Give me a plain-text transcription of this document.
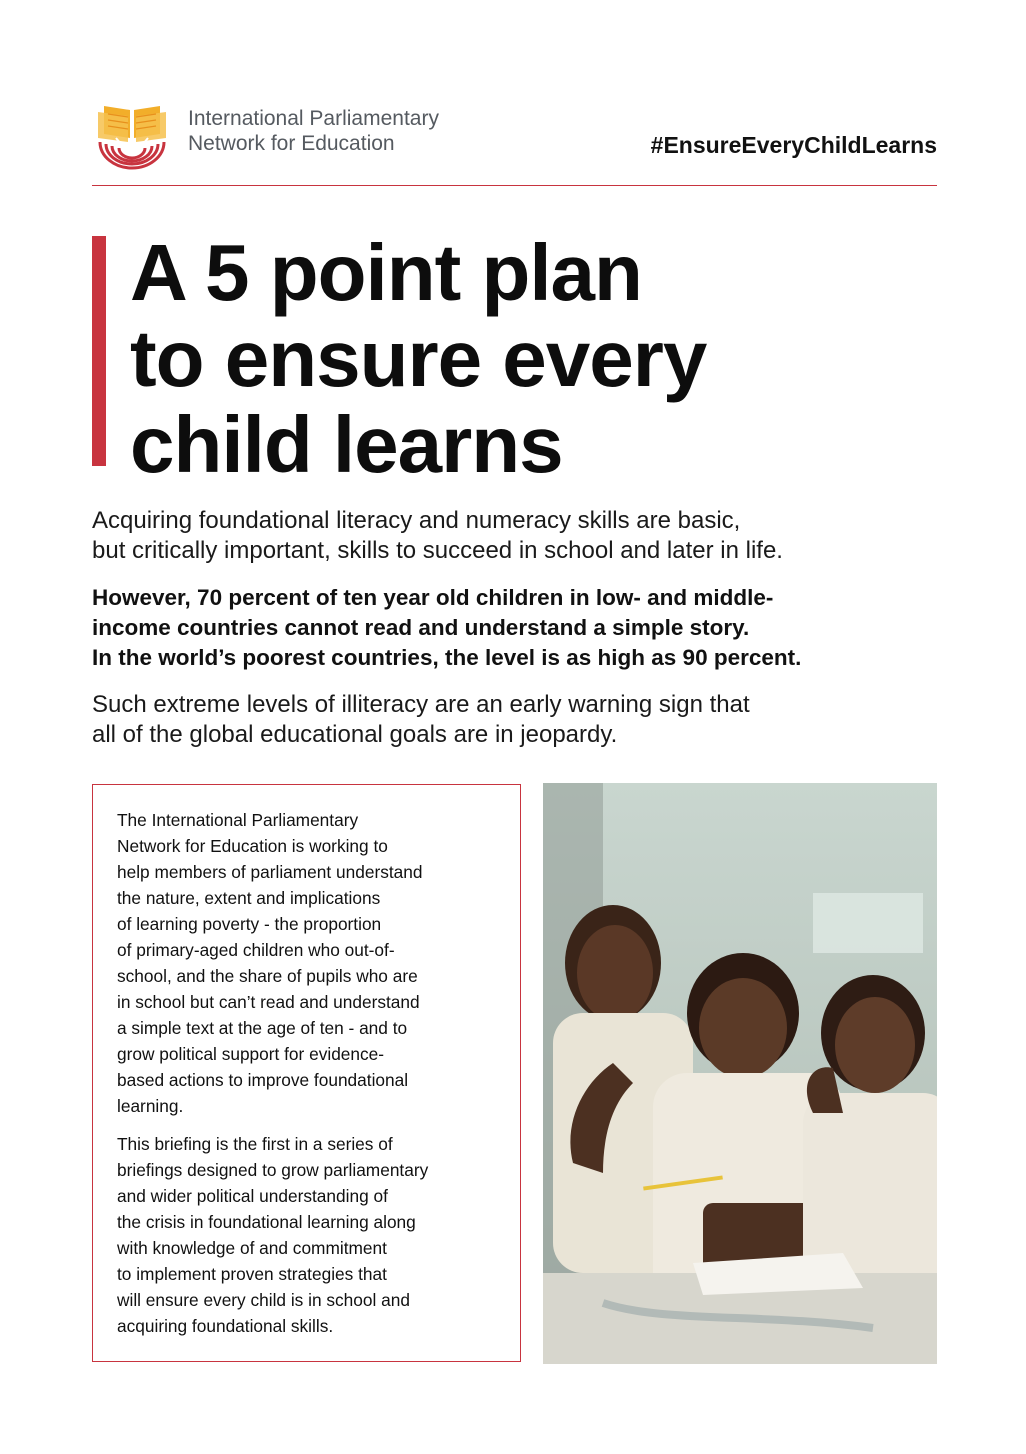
International Parliamentary
Network for Education	#EnsureEveryChildLearns

A 5 point plan
to ensure every
child learns

Acquiring foundational literacy and numeracy skills are basic,
but critically important, skills to succeed in school and later in life.

However, 70 percent of ten year old children in low- and middle-
income countries cannot read and understand a simple story.
In the world’s poorest countries, the level is as high as 90 percent.

Such extreme levels of illiteracy are an early warning sign that
all of the global educational goals are in jeopardy.

The International Parliamentary
Network for Education is working to
help members of parliament understand
the nature, extent and implications
of learning poverty - the proportion
of primary-aged children who out-of-
school, and the share of pupils who are
in school but can’t read and understand
a simple text at the age of ten - and to
grow political support for evidence-
based actions to improve foundational
learning.

This briefing is the first in a series of
briefings designed to grow parliamentary
and wider political understanding of
the crisis in foundational learning along
with knowledge of and commitment
to implement proven strategies that
will ensure every child is in school and
acquiring foundational skills.
